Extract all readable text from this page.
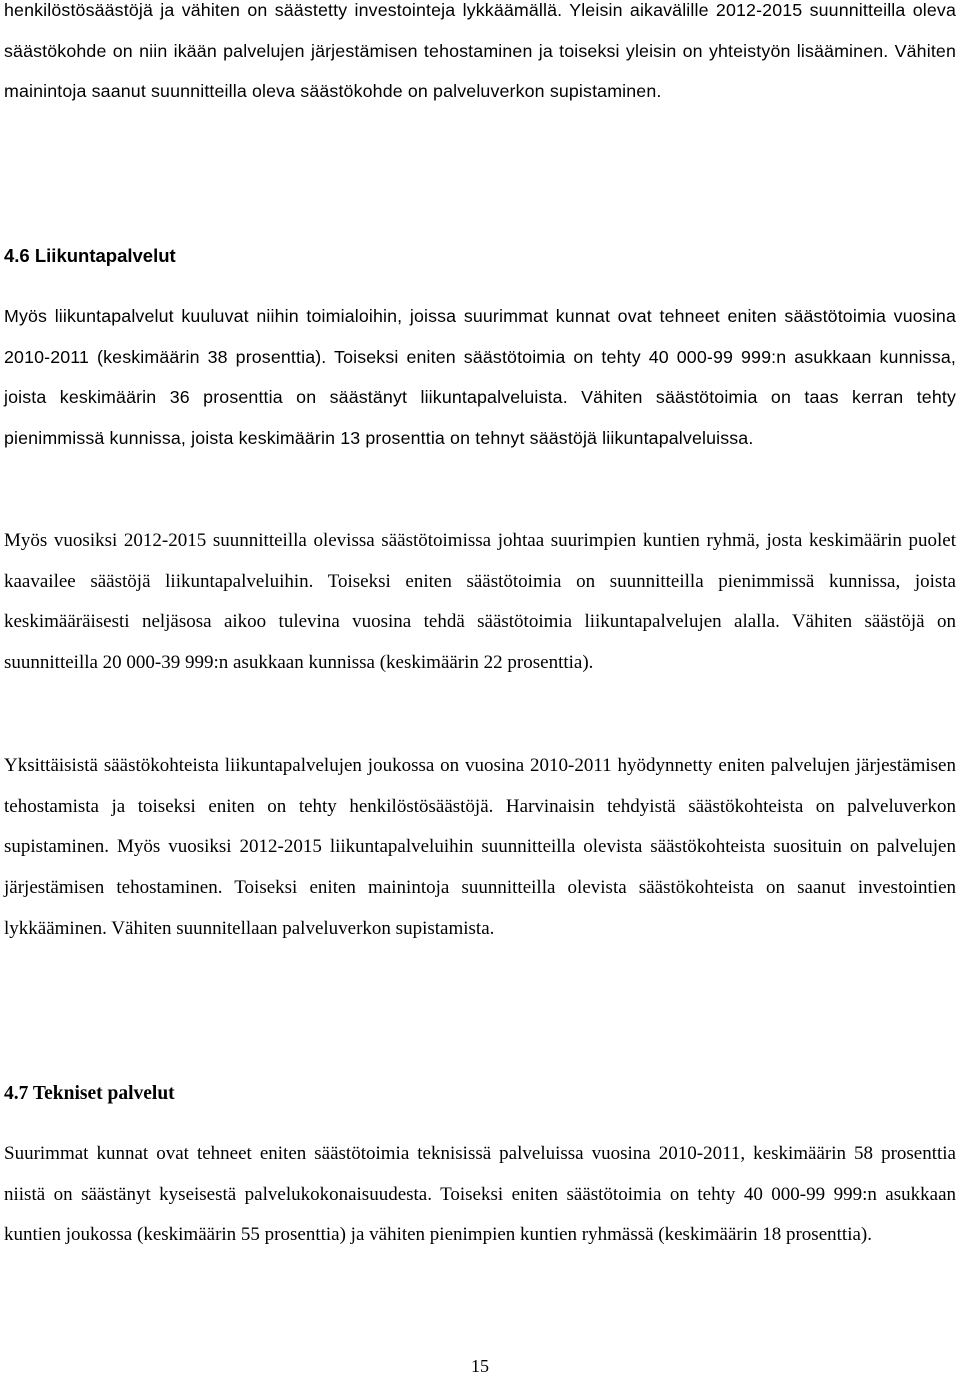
henkilöstösäästöjä ja vähiten on säästetty investointeja lykkäämällä. Yleisin aikavälille 2012-2015 suunnitteilla oleva säästökohde on niin ikään palvelujen järjestämisen tehostaminen ja toiseksi yleisin on yhteistyön lisääminen. Vähiten mainintoja saanut suunnitteilla oleva säästökohde on palveluverkon supistaminen.

4.6 Liikuntapalvelut

Myös liikuntapalvelut kuuluvat niihin toimialoihin, joissa suurimmat kunnat ovat tehneet eniten säästötoimia vuosina 2010-2011 (keskimäärin 38 prosenttia). Toiseksi eniten säästötoimia on tehty 40 000-99 999:n asukkaan kunnissa, joista keskimäärin 36 prosenttia on säästänyt liikuntapalveluista. Vähiten säästötoimia on taas kerran tehty pienimmissä kunnissa, joista keskimäärin 13 prosenttia on tehnyt säästöjä liikuntapalveluissa.

Myös vuosiksi 2012-2015 suunnitteilla olevissa säästötoimissa johtaa suurimpien kuntien ryhmä, josta keskimäärin puolet kaavailee säästöjä liikuntapalveluihin. Toiseksi eniten säästötoimia on suunnitteilla pienimmissä kunnissa, joista keskimääräisesti neljäsosa aikoo tulevina vuosina tehdä säästötoimia liikuntapalvelujen alalla. Vähiten säästöjä on suunnitteilla 20 000-39 999:n asukkaan kunnissa (keskimäärin 22 prosenttia).

Yksittäisistä säästökohteista liikuntapalvelujen joukossa on vuosina 2010-2011 hyödynnetty eniten palvelujen järjestämisen tehostamista ja toiseksi eniten on tehty henkilöstösäästöjä. Harvinaisin tehdyistä säästökohteista on palveluverkon supistaminen. Myös vuosiksi 2012-2015 liikuntapalveluihin suunnitteilla olevista säästökohteista suosituin on palvelujen järjestämisen tehostaminen. Toiseksi eniten mainintoja suunnitteilla olevista säästökohteista on saanut investointien lykkääminen. Vähiten suunnitellaan palveluverkon supistamista.

4.7 Tekniset palvelut

Suurimmat kunnat ovat tehneet eniten säästötoimia teknisissä palveluissa vuosina 2010-2011, keskimäärin 58 prosenttia niistä on säästänyt kyseisestä palvelukokonaisuudesta. Toiseksi eniten säästötoimia on tehty 40 000-99 999:n asukkaan kuntien joukossa (keskimäärin 55 prosenttia) ja vähiten pienimpien kuntien ryhmässä (keskimäärin 18 prosenttia).

15
